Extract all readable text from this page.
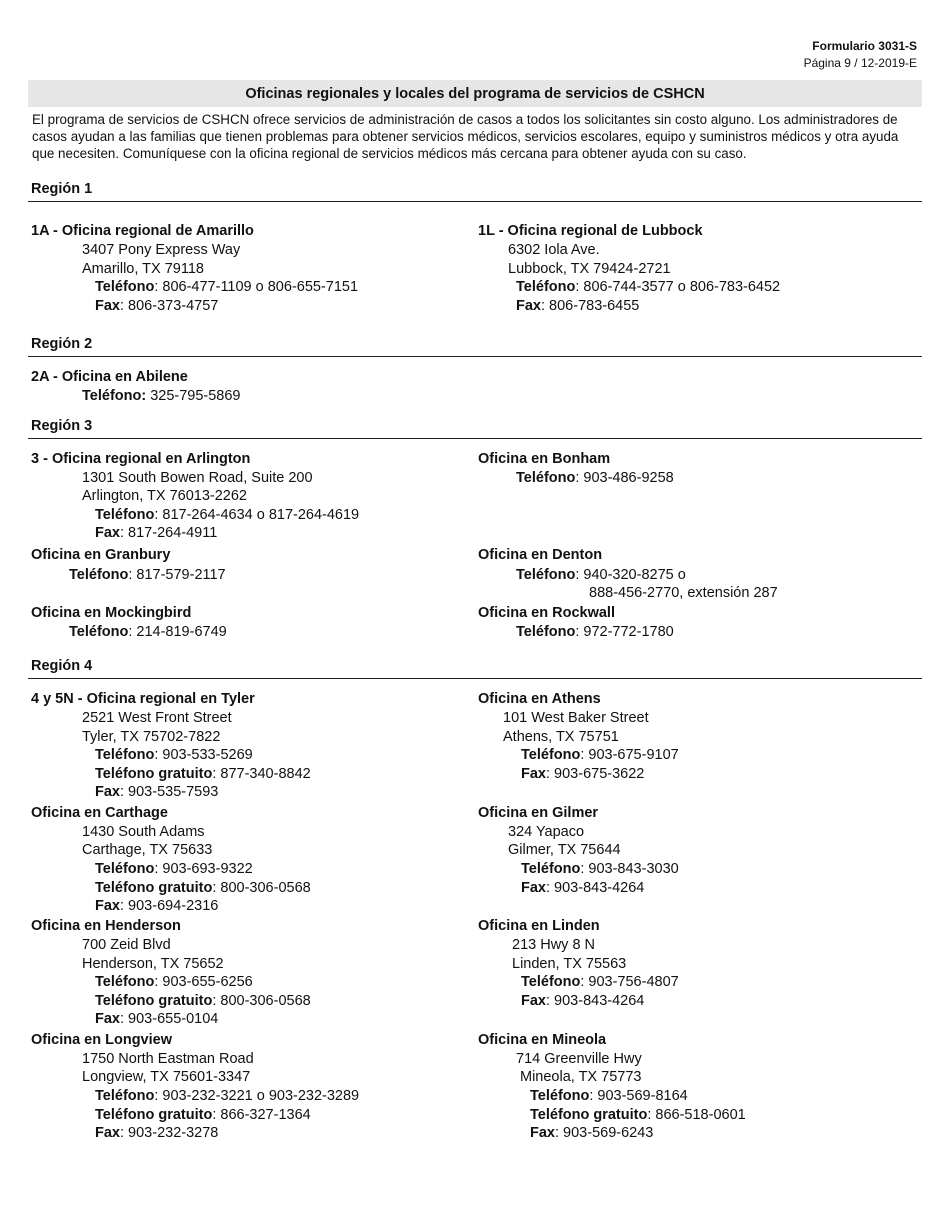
Formulario 3031-S
Página 9 / 12-2019-E
Oficinas regionales y locales del programa de servicios de CSHCN
El programa de servicios de CSHCN ofrece servicios de administración de casos a todos los solicitantes sin costo alguno. Los administradores de casos ayudan a las familias que tienen problemas para obtener servicios médicos, servicios escolares, equipo y suministros médicos y otra ayuda que necesiten. Comuníquese con la oficina regional de servicios médicos más cercana para obtener ayuda con su caso.
Región 1
1A - Oficina regional de Amarillo
3407 Pony Express Way
Amarillo, TX 79118
Teléfono: 806-477-1109 o 806-655-7151
Fax: 806-373-4757
1L - Oficina regional de Lubbock
6302 Iola Ave.
Lubbock, TX 79424-2721
Teléfono: 806-744-3577 o 806-783-6452
Fax: 806-783-6455
Región 2
2A - Oficina en Abilene
Teléfono: 325-795-5869
Región 3
3 - Oficina regional en Arlington
1301 South Bowen Road, Suite 200
Arlington, TX 76013-2262
Teléfono: 817-264-4634 o 817-264-4619
Fax: 817-264-4911
Oficina en Bonham
Teléfono: 903-486-9258
Oficina en Granbury
Teléfono: 817-579-2117
Oficina en Denton
Teléfono: 940-320-8275 o
888-456-2770, extensión 287
Oficina en Mockingbird
Teléfono: 214-819-6749
Oficina en Rockwall
Teléfono: 972-772-1780
Región 4
4 y 5N - Oficina regional en Tyler
2521 West Front Street
Tyler, TX 75702-7822
Teléfono: 903-533-5269
Teléfono gratuito: 877-340-8842
Fax: 903-535-7593
Oficina en Athens
101 West Baker Street
Athens, TX 75751
Teléfono: 903-675-9107
Fax: 903-675-3622
Oficina en Carthage
1430 South Adams
Carthage, TX 75633
Teléfono: 903-693-9322
Teléfono gratuito: 800-306-0568
Fax: 903-694-2316
Oficina en Gilmer
324 Yapaco
Gilmer, TX 75644
Teléfono: 903-843-3030
Fax: 903-843-4264
Oficina en Henderson
700 Zeid Blvd
Henderson, TX 75652
Teléfono: 903-655-6256
Teléfono gratuito: 800-306-0568
Fax: 903-655-0104
Oficina en Linden
213 Hwy 8 N
Linden, TX 75563
Teléfono: 903-756-4807
Fax: 903-843-4264
Oficina en Longview
1750 North Eastman Road
Longview, TX 75601-3347
Teléfono: 903-232-3221 o 903-232-3289
Teléfono gratuito: 866-327-1364
Fax: 903-232-3278
Oficina en Mineola
714 Greenville Hwy
Mineola, TX 75773
Teléfono: 903-569-8164
Teléfono gratuito: 866-518-0601
Fax: 903-569-6243
